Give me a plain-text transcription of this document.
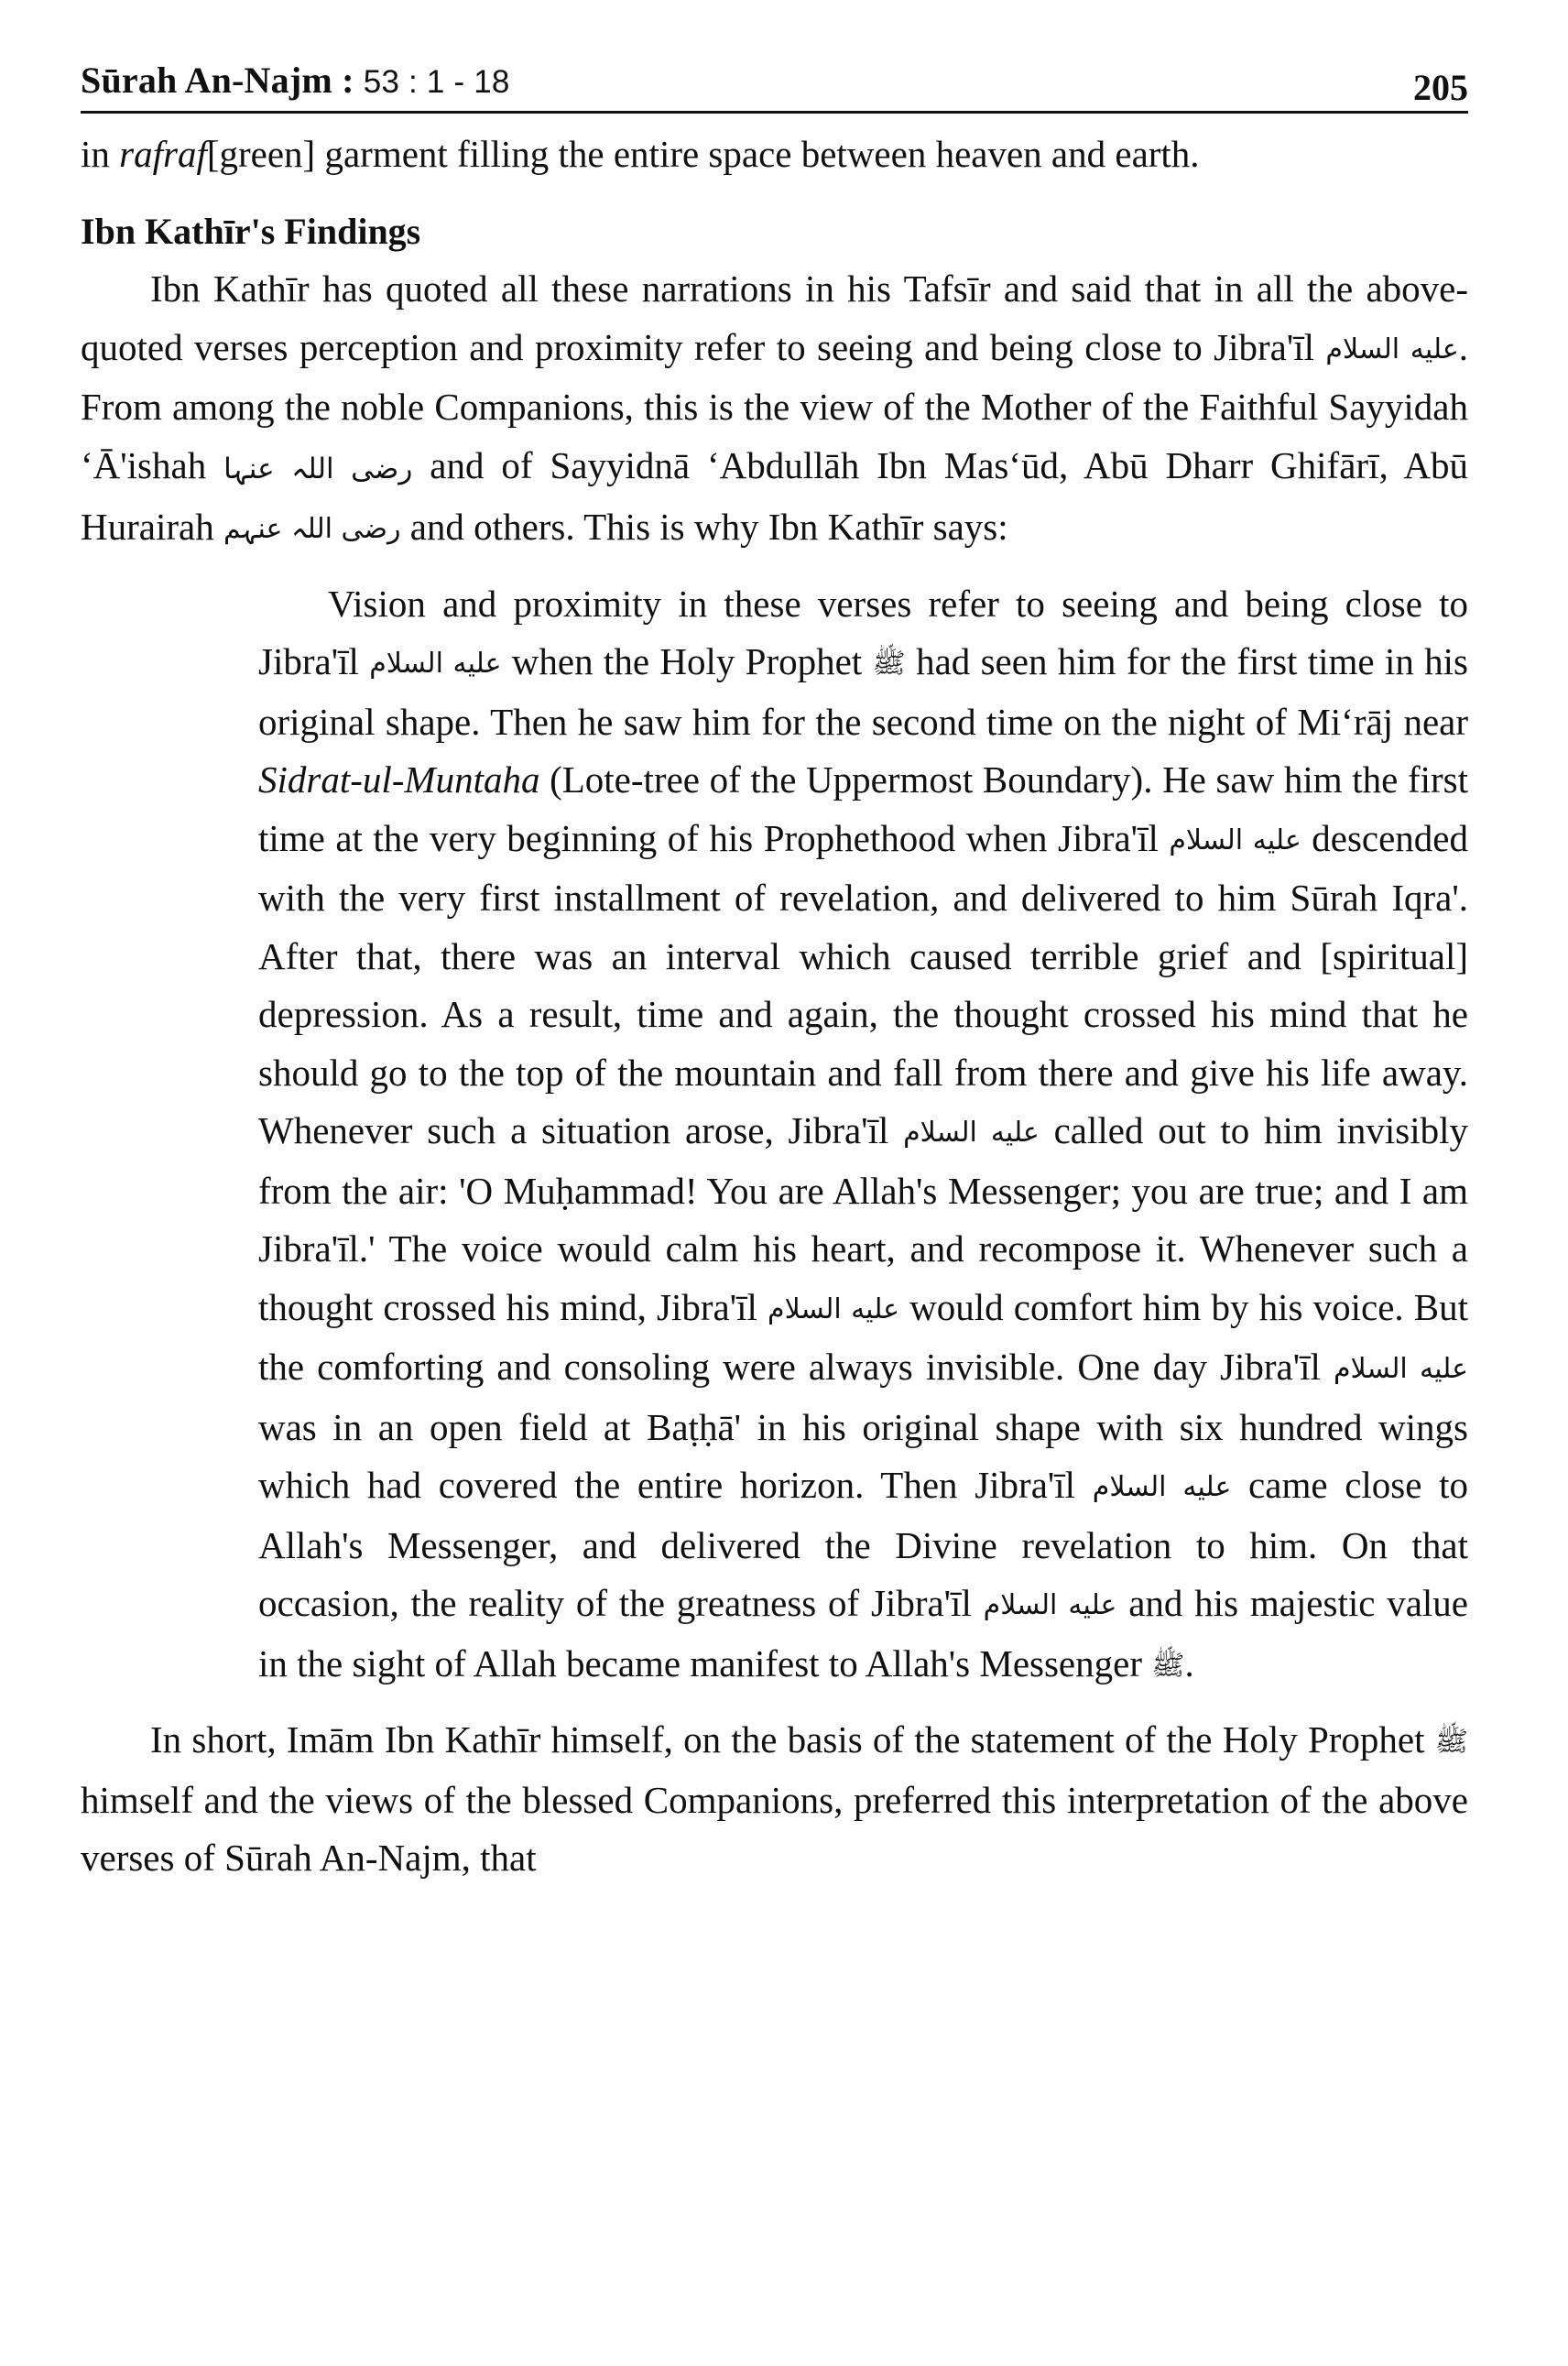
Sūrah An-Najm : 53 : 1 - 18	205

in rafraf[green] garment filling the entire space between heaven and earth.

Ibn Kathīr's Findings

Ibn Kathīr has quoted all these narrations in his Tafsīr and said that in all the above-quoted verses perception and proximity refer to seeing and being close to Jibra'īl عليه السلام. From among the noble Companions, this is the view of the Mother of the Faithful Sayyidah ‘Ā'ishah رضی اللہ عنہا and of Sayyidnā ‘Abdullāh Ibn Mas‘ūd, Abū Dharr Ghifārī, Abū Hurairah رضی اللہ عنہم and others. This is why Ibn Kathīr says:

Vision and proximity in these verses refer to seeing and being close to Jibra'īl عليه السلام when the Holy Prophet ﷺ had seen him for the first time in his original shape. Then he saw him for the second time on the night of Mi‘rāj near Sidrat-ul-Muntaha (Lote-tree of the Uppermost Boundary). He saw him the first time at the very beginning of his Prophethood when Jibra'īl عليه السلام descended with the very first installment of revelation, and delivered to him Sūrah Iqra'. After that, there was an interval which caused terrible grief and [spiritual] depression. As a result, time and again, the thought crossed his mind that he should go to the top of the mountain and fall from there and give his life away. Whenever such a situation arose, Jibra'īl عليه السلام called out to him invisibly from the air: 'O Muḥammad! You are Allah's Messenger; you are true; and I am Jibra'īl.' The voice would calm his heart, and recompose it. Whenever such a thought crossed his mind, Jibra'īl عليه السلام would comfort him by his voice. But the comforting and consoling were always invisible. One day Jibra'īl عليه السلام was in an open field at Baṭḥā' in his original shape with six hundred wings which had covered the entire horizon. Then Jibra'īl عليه السلام came close to Allah's Messenger, and delivered the Divine revelation to him. On that occasion, the reality of the greatness of Jibra'īl عليه السلام and his majestic value in the sight of Allah became manifest to Allah's Messenger ﷺ.

In short, Imām Ibn Kathīr himself, on the basis of the statement of the Holy Prophet ﷺ himself and the views of the blessed Companions, preferred this interpretation of the above verses of Sūrah An-Najm, that
